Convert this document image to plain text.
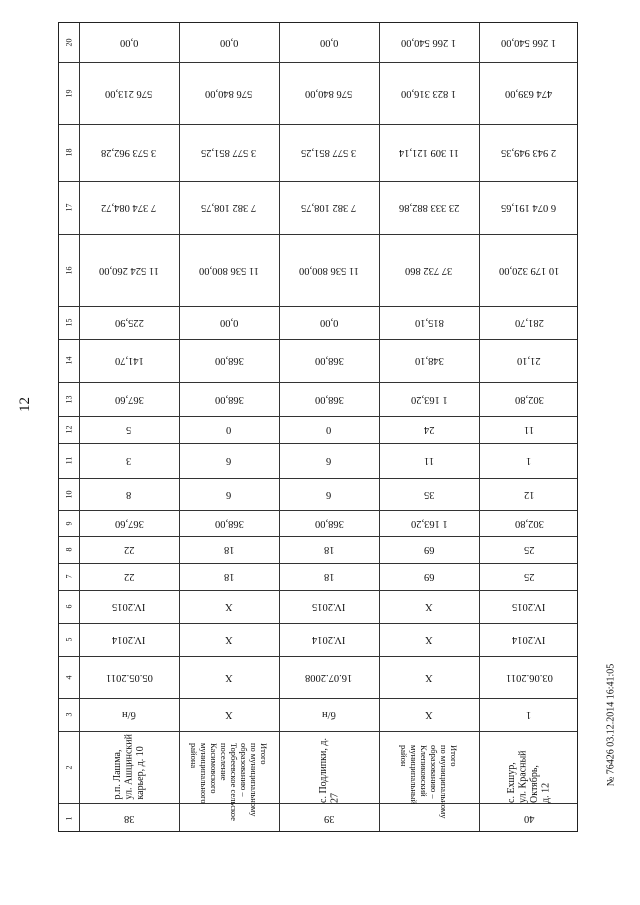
12
№ 76426 03.12.2014 16:41:05
20
19
18
17
16
15
14
13
12
11
10
9
8
7
6
5
4
3
2
1
0,00
576 213,00
3 573 962,28
7 374 084,72
11 524 260,00
225,90
141,70
367,60
5
3
8
367,60
22
22
IV.2015
IV.2014
05.05.2011
б/н
р.п. Лашма,
ул. Ашцинский
карьер, д. 10
38
0,00
576 840,00
3 577 851,25
7 382 108,75
11 536 800,00
0,00
368,00
368,00
0
6
6
368,00
18
18
X
X
X
X
Итого
по муниципальному
образованию –
Торбеевское сельское
поселение
Касимовского
муниципального
района
0,00
576 840,00
3 577 851,25
7 382 108,75
11 536 800,00
0,00
368,00
368,00
0
6
6
368,00
18
18
IV.2015
IV.2014
16.07.2008
б/н
с. Подлипки, д. 27
39
1 266 540,00
1 823 316,00
11 309 121,14
23 333 882,86
37 732 860
815,10
348,10
1 163,20
24
11
35
1 163,20
69
69
X
X
X
X
Итого
по муниципальному
образованию –
Клепиковский
муниципальный
район
1 266 540,00
474 639,00
2 943 949,35
6 074 191,65
10 179 320,00
281,70
21,10
302,80
11
1
12
302,80
25
25
IV.2015
IV.2014
03.06.2011
1
с. Ехшур,
ул. Красный Октябрь,
д. 12
40
